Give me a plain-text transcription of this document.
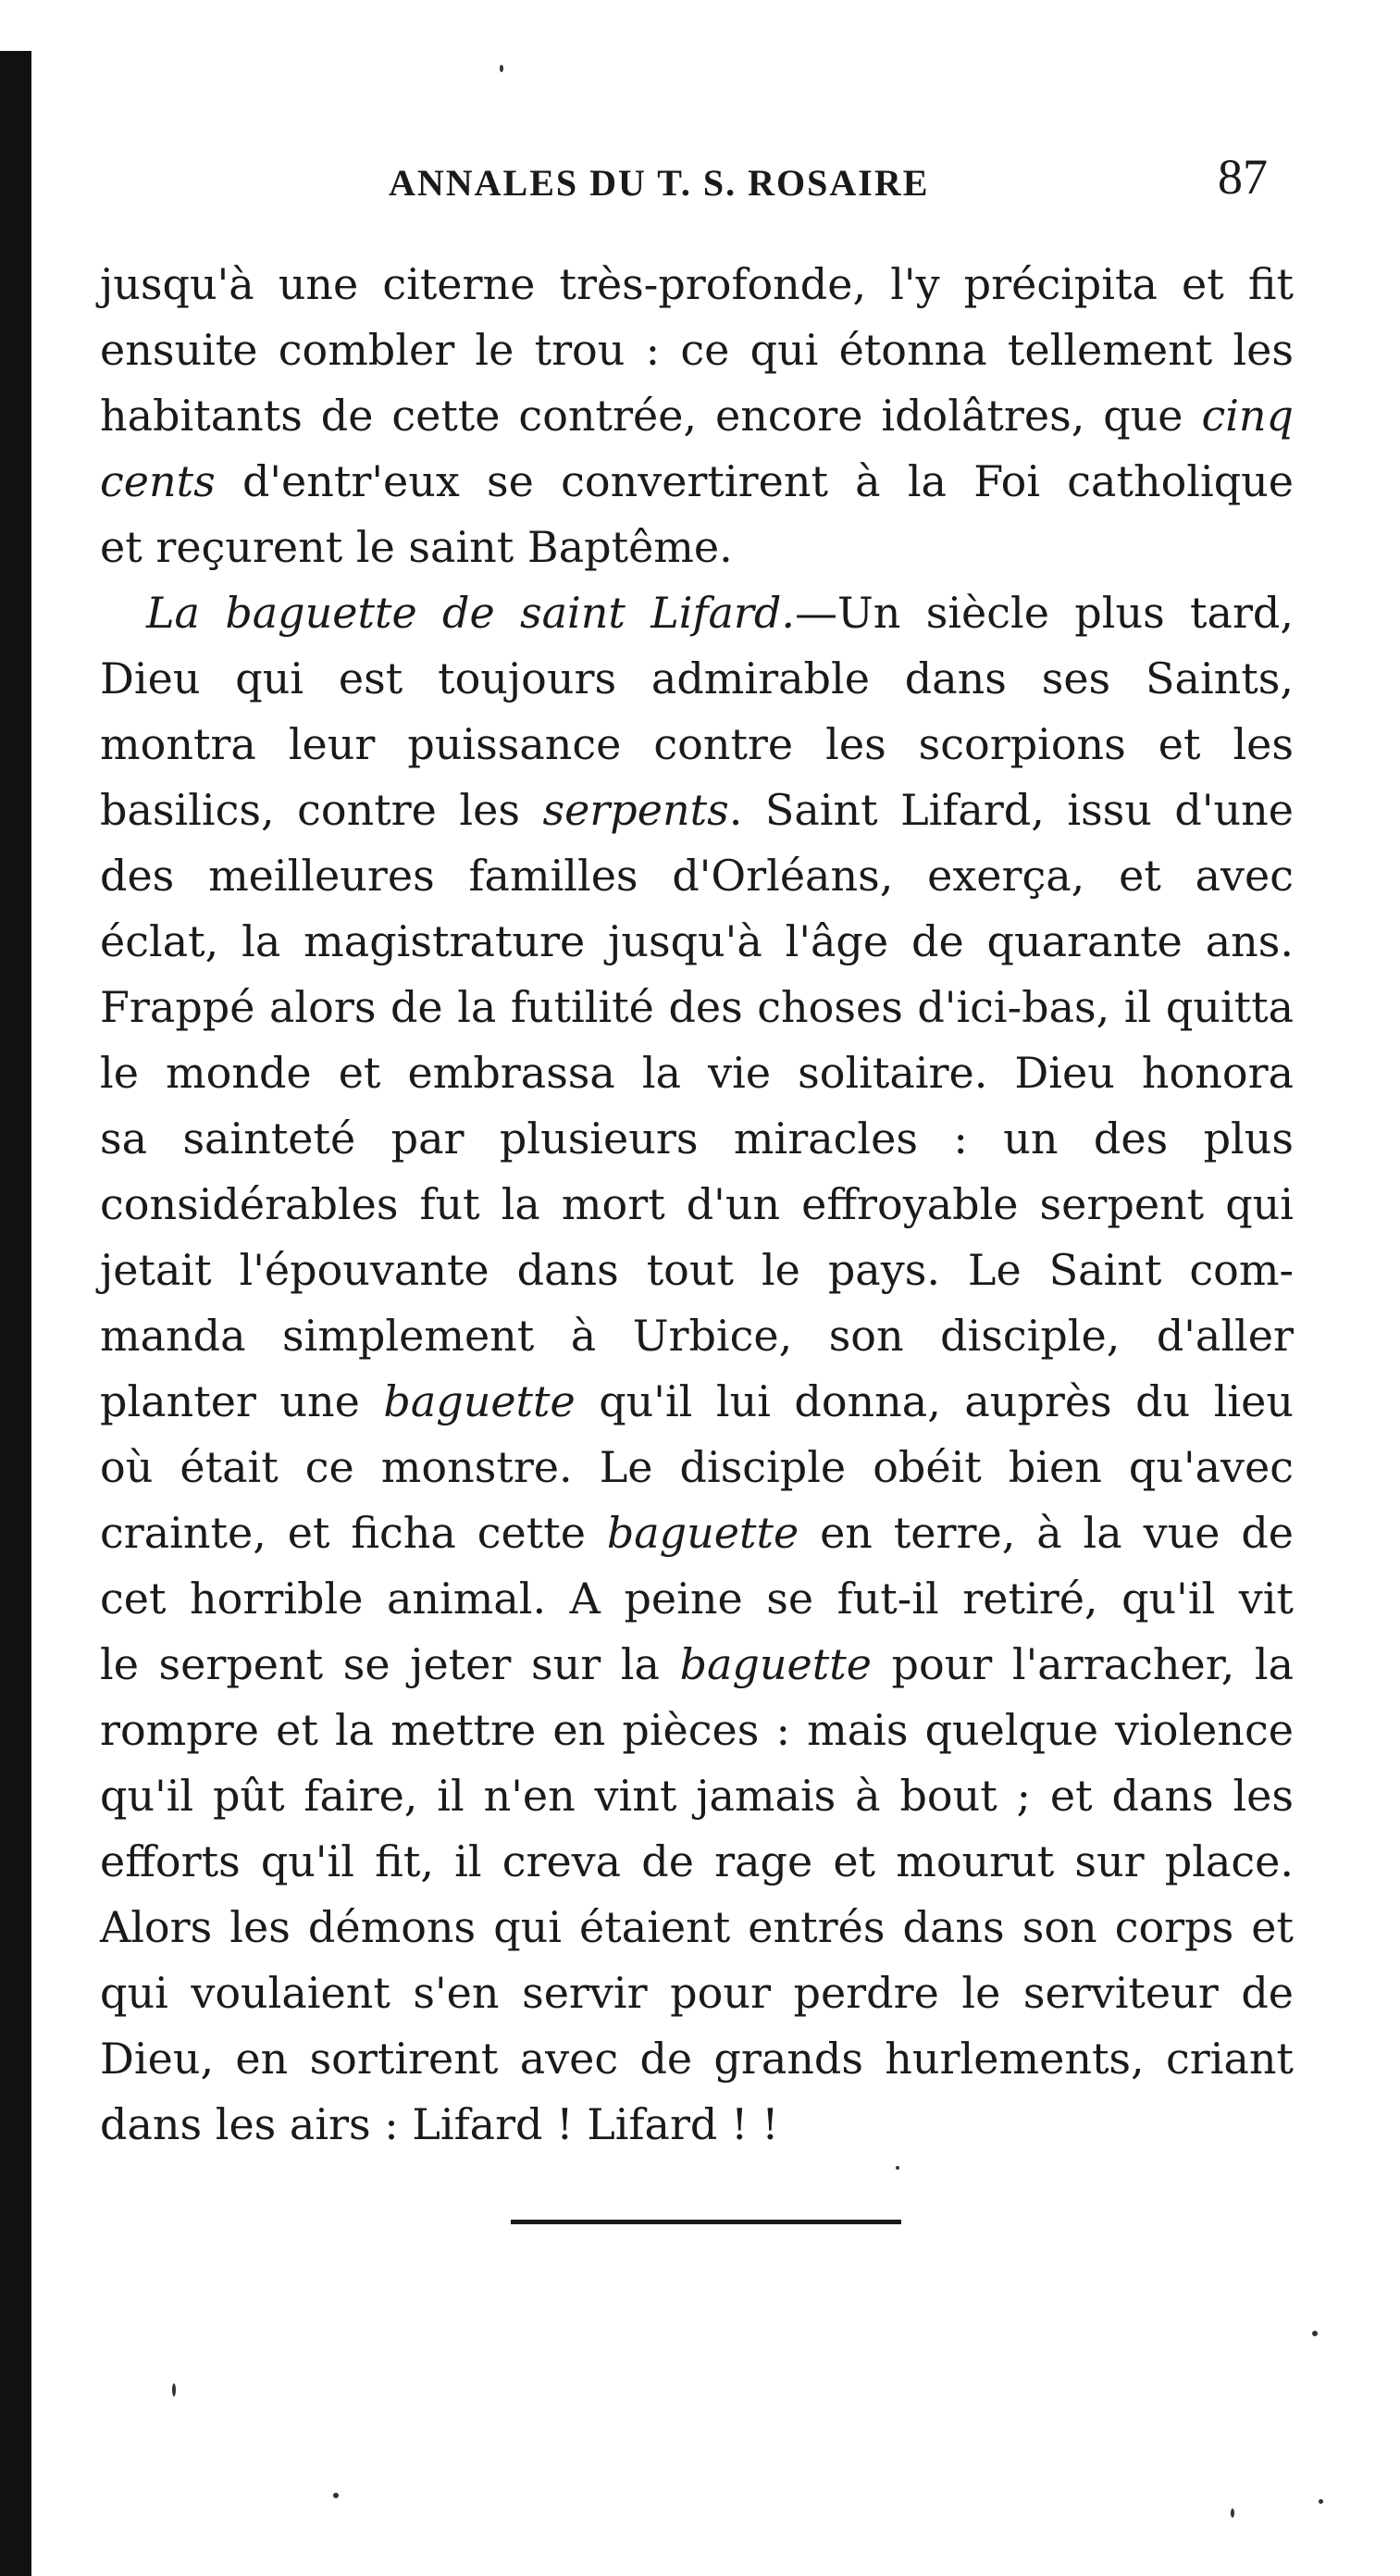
ANNALES DU T. S. ROSAIRE	87
jusqu'à une citerne très-profonde, l'y précipita et fit
ensuite combler le trou : ce qui étonna tellement les
habitants de cette contrée, encore idolâtres, que cinq
cents d'entr'eux se convertirent à la Foi catholique
et reçurent le saint Baptême.
La baguette de saint Lifard.—Un siècle plus tard,
Dieu qui est toujours admirable dans ses Saints,
montra leur puissance contre les scorpions et les
basilics, contre les serpents. Saint Lifard, issu d'une
des meilleures familles d'Orléans, exerça, et avec
éclat, la magistrature jusqu'à l'âge de quarante ans.
Frappé alors de la futilité des choses d'ici-bas, il quitta
le monde et embrassa la vie solitaire. Dieu honora
sa sainteté par plusieurs miracles : un des plus
considérables fut la mort d'un effroyable serpent qui
jetait l'épouvante dans tout le pays. Le Saint com-
manda simplement à Urbice, son disciple, d'aller
planter une baguette qu'il lui donna, auprès du lieu
où était ce monstre. Le disciple obéit bien qu'avec
crainte, et ficha cette baguette en terre, à la vue de
cet horrible animal. A peine se fut-il retiré, qu'il vit
le serpent se jeter sur la baguette pour l'arracher, la
rompre et la mettre en pièces : mais quelque violence
qu'il pût faire, il n'en vint jamais à bout ; et dans les
efforts qu'il fit, il creva de rage et mourut sur place.
Alors les démons qui étaient entrés dans son corps et
qui voulaient s'en servir pour perdre le serviteur de
Dieu, en sortirent avec de grands hurlements, criant
dans les airs : Lifard ! Lifard ! !
